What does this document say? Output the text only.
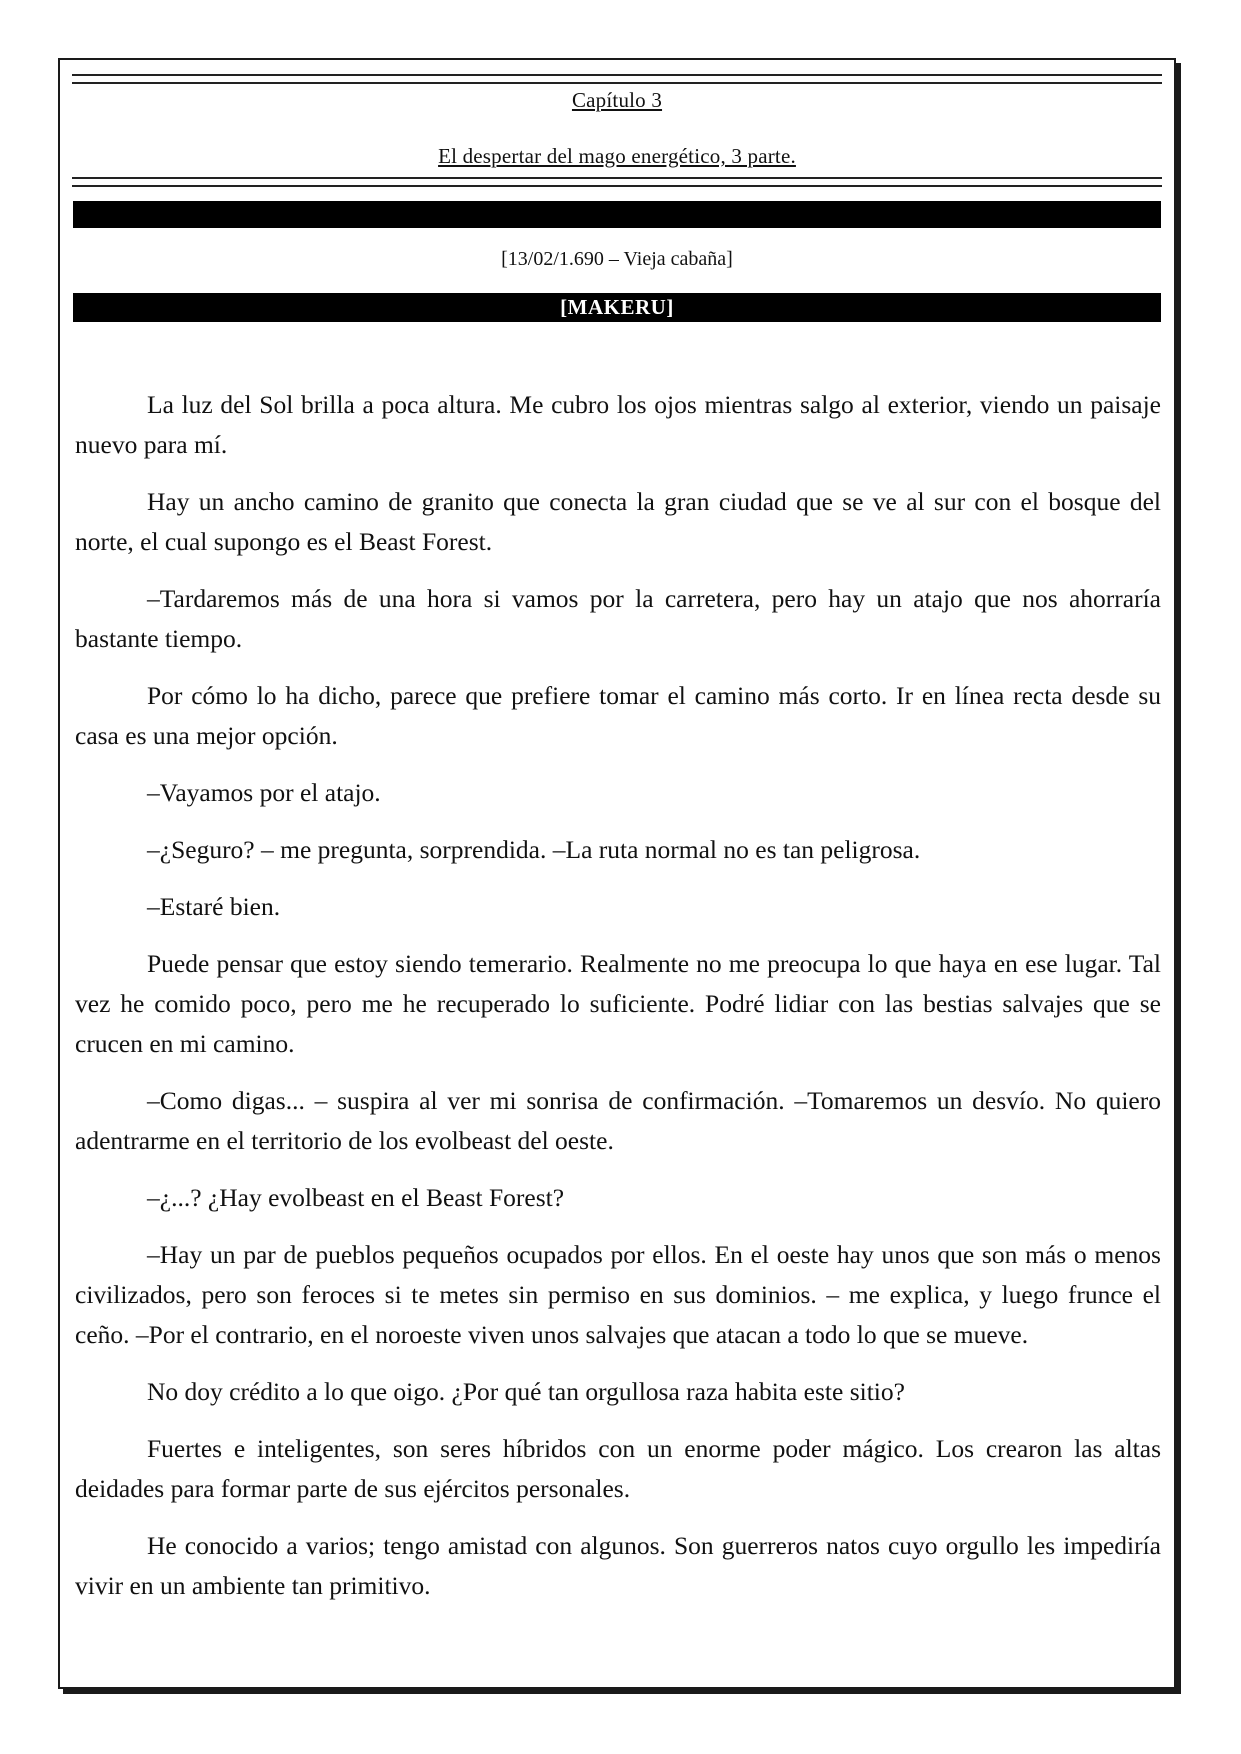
Capítulo 3
El despertar del mago energético, 3 parte.
[13/02/1.690 – Vieja cabaña]
[MAKERU]

La luz del Sol brilla a poca altura. Me cubro los ojos mientras salgo al exterior, viendo un paisaje nuevo para mí.

Hay un ancho camino de granito que conecta la gran ciudad que se ve al sur con el bosque del norte, el cual supongo es el Beast Forest.

–Tardaremos más de una hora si vamos por la carretera, pero hay un atajo que nos ahorraría bastante tiempo.

Por cómo lo ha dicho, parece que prefiere tomar el camino más corto. Ir en línea recta desde su casa es una mejor opción.

–Vayamos por el atajo.

–¿Seguro? – me pregunta, sorprendida. –La ruta normal no es tan peligrosa.

–Estaré bien.

Puede pensar que estoy siendo temerario. Realmente no me preocupa lo que haya en ese lugar. Tal vez he comido poco, pero me he recuperado lo suficiente. Podré lidiar con las bestias salvajes que se crucen en mi camino.

–Como digas... – suspira al ver mi sonrisa de confirmación. –Tomaremos un desvío. No quiero adentrarme en el territorio de los evolbeast del oeste.

–¿...? ¿Hay evolbeast en el Beast Forest?

–Hay un par de pueblos pequeños ocupados por ellos. En el oeste hay unos que son más o menos civilizados, pero son feroces si te metes sin permiso en sus dominios. – me explica, y luego frunce el ceño. –Por el contrario, en el noroeste viven unos salvajes que atacan a todo lo que se mueve.

No doy crédito a lo que oigo. ¿Por qué tan orgullosa raza habita este sitio?

Fuertes e inteligentes, son seres híbridos con un enorme poder mágico. Los crearon las altas deidades para formar parte de sus ejércitos personales.

He conocido a varios; tengo amistad con algunos. Son guerreros natos cuyo orgullo les impediría vivir en un ambiente tan primitivo.
